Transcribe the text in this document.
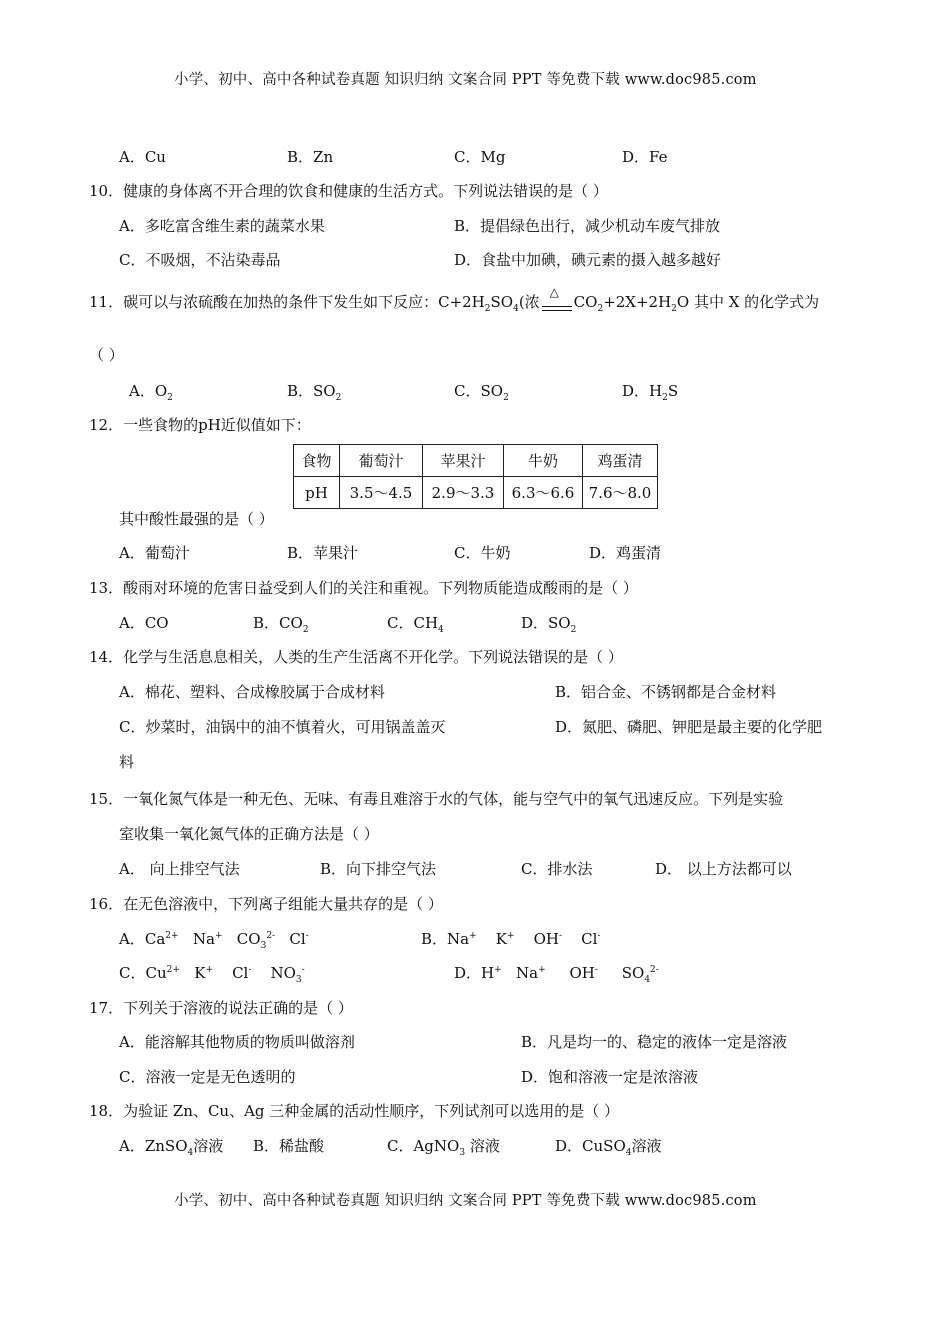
小学、初中、高中各种试卷真题 知识归纳 文案合同 PPT 等免费下载 www.doc985.com
A．Cu	B．Zn	C．Mg	D．Fe
10．健康的身体离不开合理的饮食和健康的生活方式。下列说法错误的是（ ）
A．多吃富含维生素的蔬菜水果	B．提倡绿色出行，减少机动车废气排放
C．不吸烟，不沾染毒品	D．食盐中加碘，碘元素的摄入越多越好
11．碳可以与浓硫酸在加热的条件下发生如下反应：$C+2H_2SO_4$(浓
△
$CO_2+2X+2H_2O$ 其中 X 的化学式为
（ ）
A．$O_2$	B．$SO_2$	C．$SO_2$	D．$H_2S$
12．一些食物的pH近似值如下：
食物	葡萄汁	苹果汁	牛奶	鸡蛋清
pH	3.5～4.5	2.9～3.3	6.3～6.6	7.6～8.0
其中酸性最强的是（ ）
A．葡萄汁	B．苹果汁	C．牛奶	D．鸡蛋清
13．酸雨对环境的危害日益受到人们的关注和重视。下列物质能造成酸雨的是（ ）
A．CO	B．$CO_2$	C．$CH_4$	D．$SO_2$
14．化学与生活息息相关，人类的生产生活离不开化学。下列说法错误的是（ ）
A．棉花、塑料、合成橡胶属于合成材料	B．铝合金、不锈钢都是合金材料
C．炒菜时，油锅中的油不慎着火，可用锅盖盖灭	D．氮肥、磷肥、钾肥是最主要的化学肥
料
15．一氧化氮气体是一种无色、无味、有毒且难溶于水的气体，能与空气中的氧气迅速反应。下列是实验
室收集一氧化氮气体的正确方法是（ ）
A． 向上排空气法	B．向下排空气法	C．排水法	D． 以上方法都可以
16．在无色溶液中，下列离子组能大量共存的是（ ）
A．$Ca^{2+}$ Na+ $CO_3^{2-}$ Cl-	B．Na+ K+ OH- Cl-
C．$Cu^{2+}$ K+ Cl- $NO_3^-$	D．H+ Na+ OH- $SO_4^{2-}$
17．下列关于溶液的说法正确的是（ ）
A．能溶解其他物质的物质叫做溶剂	B．凡是均一的、稳定的液体一定是溶液
C．溶液一定是无色透明的	D．饱和溶液一定是浓溶液
18．为验证 Zn、Cu、Ag 三种金属的活动性顺序，下列试剂可以选用的是（ ）
A．ZnSO$_4$溶液 B．稀盐酸	C．AgNO$_3$ 溶液	D．CuSO$_4$溶液
小学、初中、高中各种试卷真题 知识归纳 文案合同 PPT 等免费下载 www.doc985.com
